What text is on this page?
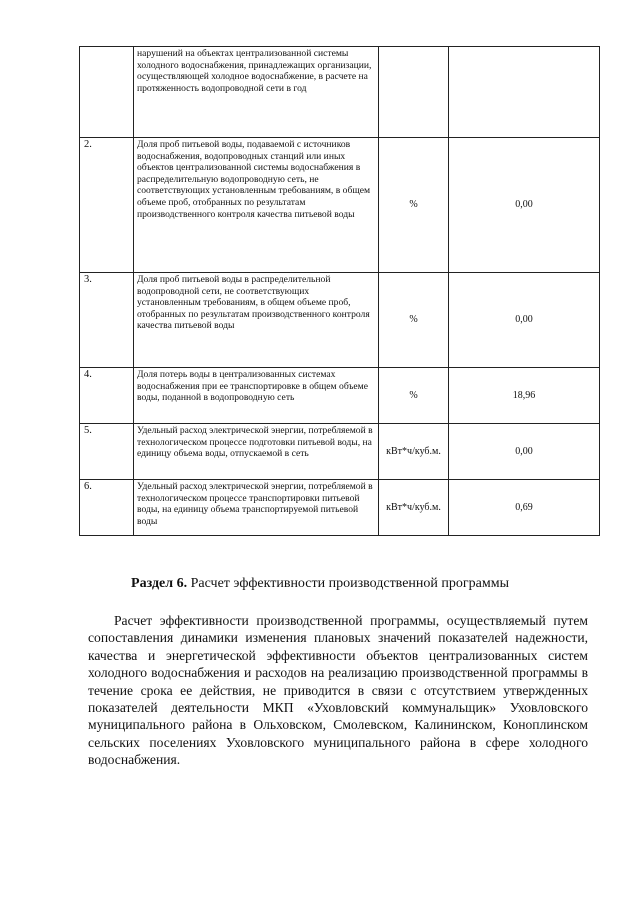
	нарушений на объектах централизованной системы холодного водоснабжения, принадлежащих организации, осуществляющей холодное водоснабжение, в расчете на протяженность водопроводной сети в год		
2.	Доля проб питьевой воды, подаваемой с источников водоснабжения, водопроводных станций или иных объектов централизованной системы водоснабжения в распределительную водопроводную сеть, не соответствующих установленным требованиям, в общем объеме проб, отобранных по результатам производственного контроля качества питьевой воды	%	0,00
3.	Доля проб питьевой воды в распределительной водопроводной сети, не соответствующих установленным требованиям, в общем объеме проб, отобранных по результатам производственного контроля качества питьевой воды	%	0,00
4.	Доля потерь воды в централизованных системах водоснабжения при ее транспортировке в общем объеме воды, поданной в водопроводную сеть	%	18,96
5.	Удельный расход электрической энергии, потребляемой в технологическом процессе подготовки питьевой воды, на единицу объема воды, отпускаемой в сеть	кВт*ч/куб.м.	0,00
6.	Удельный расход электрической энергии, потребляемой в технологическом процессе транспортировки питьевой воды, на единицу объема транспортируемой питьевой воды	кВт*ч/куб.м.	0,69
Раздел 6. Расчет эффективности производственной программы

Расчет эффективности производственной программы, осуществляемый путем сопоставления динамики изменения плановых значений показателей надежности, качества и энергетической эффективности объектов централизованных систем холодного водоснабжения и расходов на реализацию производственной программы в течение срока ее действия, не приводится в связи с отсутствием утвержденных показателей деятельности МКП «Уховловский коммунальщик» Уховловского муниципального района в Ольховском, Смолевском, Калининском, Коноплинском сельских поселениях Уховловского муниципального района в сфере холодного водоснабжения.
